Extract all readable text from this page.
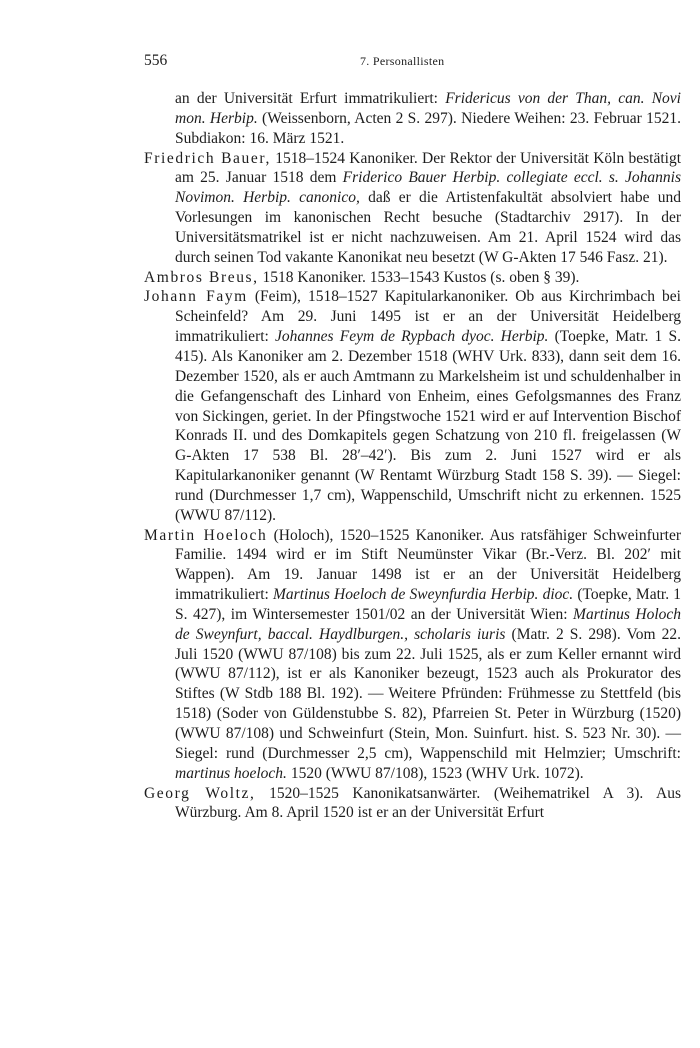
556	7. Personallisten

an der Universität Erfurt immatrikuliert: Fridericus von der Than, can. Novi mon. Herbip. (Weissenborn, Acten 2 S. 297). Niedere Weihen: 23. Februar 1521. Subdiakon: 16. März 1521.

Friedrich Bauer, 1518–1524 Kanoniker. Der Rektor der Universität Köln bestätigt am 25. Januar 1518 dem Friderico Bauer Herbip. collegiate eccl. s. Johannis Novimon. Herbip. canonico, daß er die Artistenfakultät absolviert habe und Vorlesungen im kanonischen Recht besuche (Stadtarchiv 2917). In der Universitätsmatrikel ist er nicht nachzuweisen. Am 21. April 1524 wird das durch seinen Tod vakante Kanonikat neu besetzt (W G-Akten 17 546 Fasz. 21).

Ambros Breus, 1518 Kanoniker. 1533–1543 Kustos (s. oben § 39).

Johann Faym (Feim), 1518–1527 Kapitularkanoniker. Ob aus Kirchrimbach bei Scheinfeld? Am 29. Juni 1495 ist er an der Universität Heidelberg immatrikuliert: Johannes Feym de Rypbach dyoc. Herbip. (Toepke, Matr. 1 S. 415). Als Kanoniker am 2. Dezember 1518 (WHV Urk. 833), dann seit dem 16. Dezember 1520, als er auch Amtmann zu Markelsheim ist und schuldenhalber in die Gefangenschaft des Linhard von Enheim, eines Gefolgsmannes des Franz von Sickingen, geriet. In der Pfingstwoche 1521 wird er auf Intervention Bischof Konrads II. und des Domkapitels gegen Schatzung von 210 fl. freigelassen (W G-Akten 17 538 Bl. 28′–42′). Bis zum 2. Juni 1527 wird er als Kapitularkanoniker genannt (W Rentamt Würzburg Stadt 158 S. 39). — Siegel: rund (Durchmesser 1,7 cm), Wappenschild, Umschrift nicht zu erkennen. 1525 (WWU 87/112).

Martin Hoeloch (Holoch), 1520–1525 Kanoniker. Aus ratsfähiger Schweinfurter Familie. 1494 wird er im Stift Neumünster Vikar (Br.-Verz. Bl. 202′ mit Wappen). Am 19. Januar 1498 ist er an der Universität Heidelberg immatrikuliert: Martinus Hoeloch de Sweynfurdia Herbip. dioc. (Toepke, Matr. 1 S. 427), im Wintersemester 1501/02 an der Universität Wien: Martinus Holoch de Sweynfurt, baccal. Haydlburgen., scholaris iuris (Matr. 2 S. 298). Vom 22. Juli 1520 (WWU 87/108) bis zum 22. Juli 1525, als er zum Keller ernannt wird (WWU 87/112), ist er als Kanoniker bezeugt, 1523 auch als Prokurator des Stiftes (W Stdb 188 Bl. 192). — Weitere Pfründen: Frühmesse zu Stettfeld (bis 1518) (Soder von Güldenstubbe S. 82), Pfarreien St. Peter in Würzburg (1520) (WWU 87/108) und Schweinfurt (Stein, Mon. Suinfurt. hist. S. 523 Nr. 30). — Siegel: rund (Durchmesser 2,5 cm), Wappenschild mit Helmzier; Umschrift: martinus hoeloch. 1520 (WWU 87/108), 1523 (WHV Urk. 1072).

Georg Woltz, 1520–1525 Kanonikatsanwärter. (Weihematrikel A 3). Aus Würzburg. Am 8. April 1520 ist er an der Universität Erfurt
